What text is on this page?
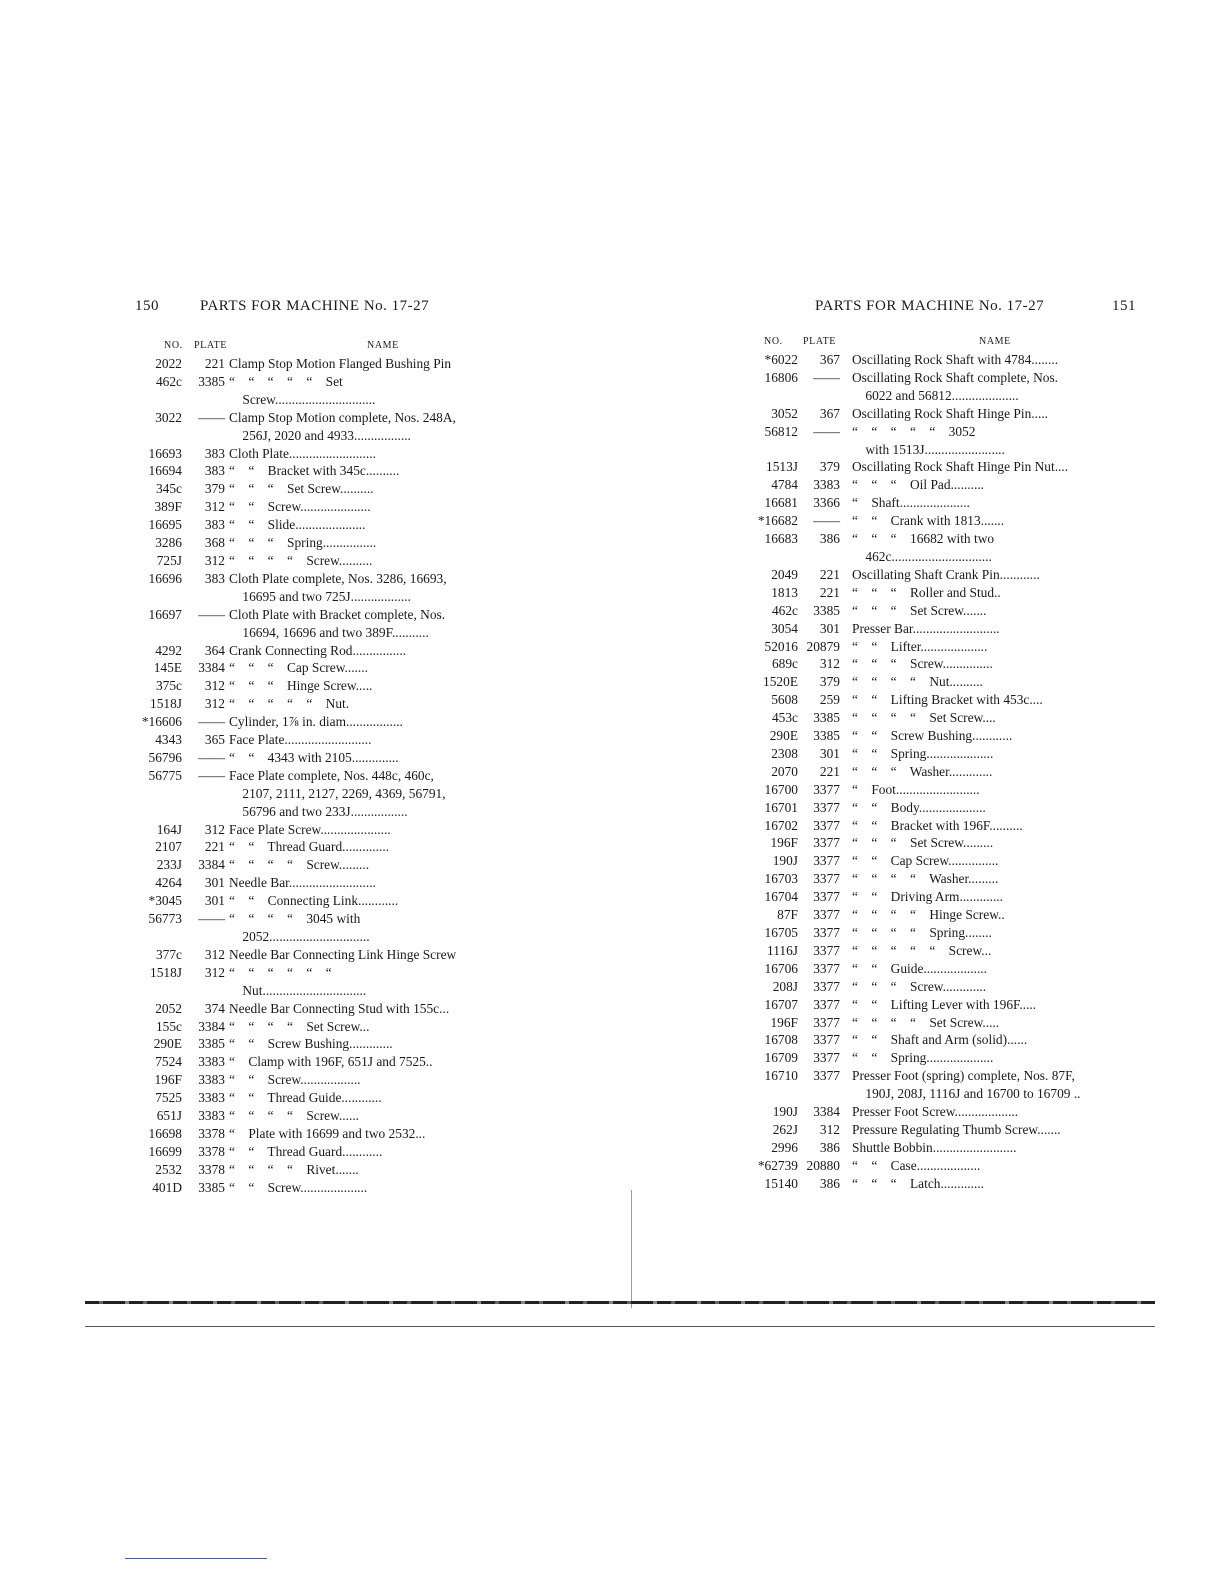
150	PARTS FOR MACHINE No. 17-27
NO. PLATE	NAME
2022	221 Clamp Stop Motion Flanged Bushing Pin
462c	3385 “    “    “    “    “    Set
Screw..............................
3022	—— Clamp Stop Motion complete, Nos. 248A,
256J, 2020 and 4933.................
16693	383 Cloth Plate..........................
16694	383 “    “    Bracket with 345c..........
345c	379 “    “    “    Set Screw..........
389F	312 “    “    Screw.....................
16695	383 “    “    Slide.....................
3286	368 “    “    “    Spring................
725J	312 “    “    “    “    Screw..........
16696	383 Cloth Plate complete, Nos. 3286, 16693,
16695 and two 725J..................
16697	—— Cloth Plate with Bracket complete, Nos.
16694, 16696 and two 389F...........
4292	364 Crank Connecting Rod................
145E	3384 “    “    “    Cap Screw.......
375c	312 “    “    “    Hinge Screw.....
1518J	312 “    “    “    “    “    Nut.
*16606	—— Cylinder, 1⅞ in. diam.................
4343	365 Face Plate..........................
56796	—— “    “    4343 with 2105..............
56775	—— Face Plate complete, Nos. 448c, 460c,
2107, 2111, 2127, 2269, 4369, 56791,
56796 and two 233J.................
164J	312 Face Plate Screw.....................
2107	221 “    “    Thread Guard..............
233J	3384 “    “    “    “    Screw.........
4264	301 Needle Bar..........................
*3045	301 “    “    Connecting Link............
56773	—— “    “    “    “    3045 with
2052..............................
377c	312 Needle Bar Connecting Link Hinge Screw
1518J	312 “    “    “    “    “    “
Nut...............................
2052	374 Needle Bar Connecting Stud with 155c...
155c	3384 “    “    “    “    Set Screw...
290E	3385 “    “    Screw Bushing.............
7524	3383 “    Clamp with 196F, 651J and 7525..
196F	3383 “    “    Screw..................
7525	3383 “    “    Thread Guide............
651J	3383 “    “    “    “    Screw......
16698	3378 “    Plate with 16699 and two 2532...
16699	3378 “    “    Thread Guard............
2532	3378 “    “    “    “    Rivet.......
401D	3385 “    “    Screw....................
PARTS FOR MACHINE No. 17-27	151
NO. PLATE	NAME
*6022	367 Oscillating Rock Shaft with 4784........
16806	—— Oscillating Rock Shaft complete, Nos.
6022 and 56812....................
3052	367 Oscillating Rock Shaft Hinge Pin.....
56812	—— “    “    “    “    “    3052
with 1513J........................
1513J	379 Oscillating Rock Shaft Hinge Pin Nut....
4784	3383 “    “    “    Oil Pad..........
16681	3366 “    Shaft.....................
*16682	—— “    “    Crank with 1813.......
16683	386 “    “    “    16682 with two
462c..............................
2049	221 Oscillating Shaft Crank Pin............
1813	221 “    “    “    Roller and Stud..
462c	3385 “    “    “    Set Screw.......
3054	301 Presser Bar..........................
52016 20879 “    “    Lifter....................
689c	312 “    “    “    Screw...............
1520E	379 “    “    “    “    Nut..........
5608	259 “    “    Lifting Bracket with 453c....
453c	3385 “    “    “    “    Set Screw....
290E	3385 “    “    Screw Bushing............
2308	301 “    “    Spring....................
2070	221 “    “    “    Washer.............
16700	3377 “    Foot.........................
16701	3377 “    “    Body....................
16702	3377 “    “    Bracket with 196F..........
196F	3377 “    “    “    Set Screw.........
190J	3377 “    “    Cap Screw...............
16703	3377 “    “    “    “    Washer.........
16704	3377 “    “    Driving Arm.............
87F	3377 “    “    “    “    Hinge Screw..
16705	3377 “    “    “    “    Spring........
1116J	3377 “    “    “    “    “    Screw...
16706	3377 “    “    Guide...................
208J	3377 “    “    “    Screw.............
16707	3377 “    “    Lifting Lever with 196F.....
196F	3377 “    “    “    “    Set Screw.....
16708	3377 “    “    Shaft and Arm (solid)......
16709	3377 “    “    Spring....................
16710	3377 Presser Foot (spring) complete, Nos. 87F,
190J, 208J, 1116J and 16700 to 16709 ..
190J	3384 Presser Foot Screw...................
262J	312 Pressure Regulating Thumb Screw.......
2996	386 Shuttle Bobbin.........................
*62739 20880 “    “    Case...................
15140	386 “    “    “    Latch.............
